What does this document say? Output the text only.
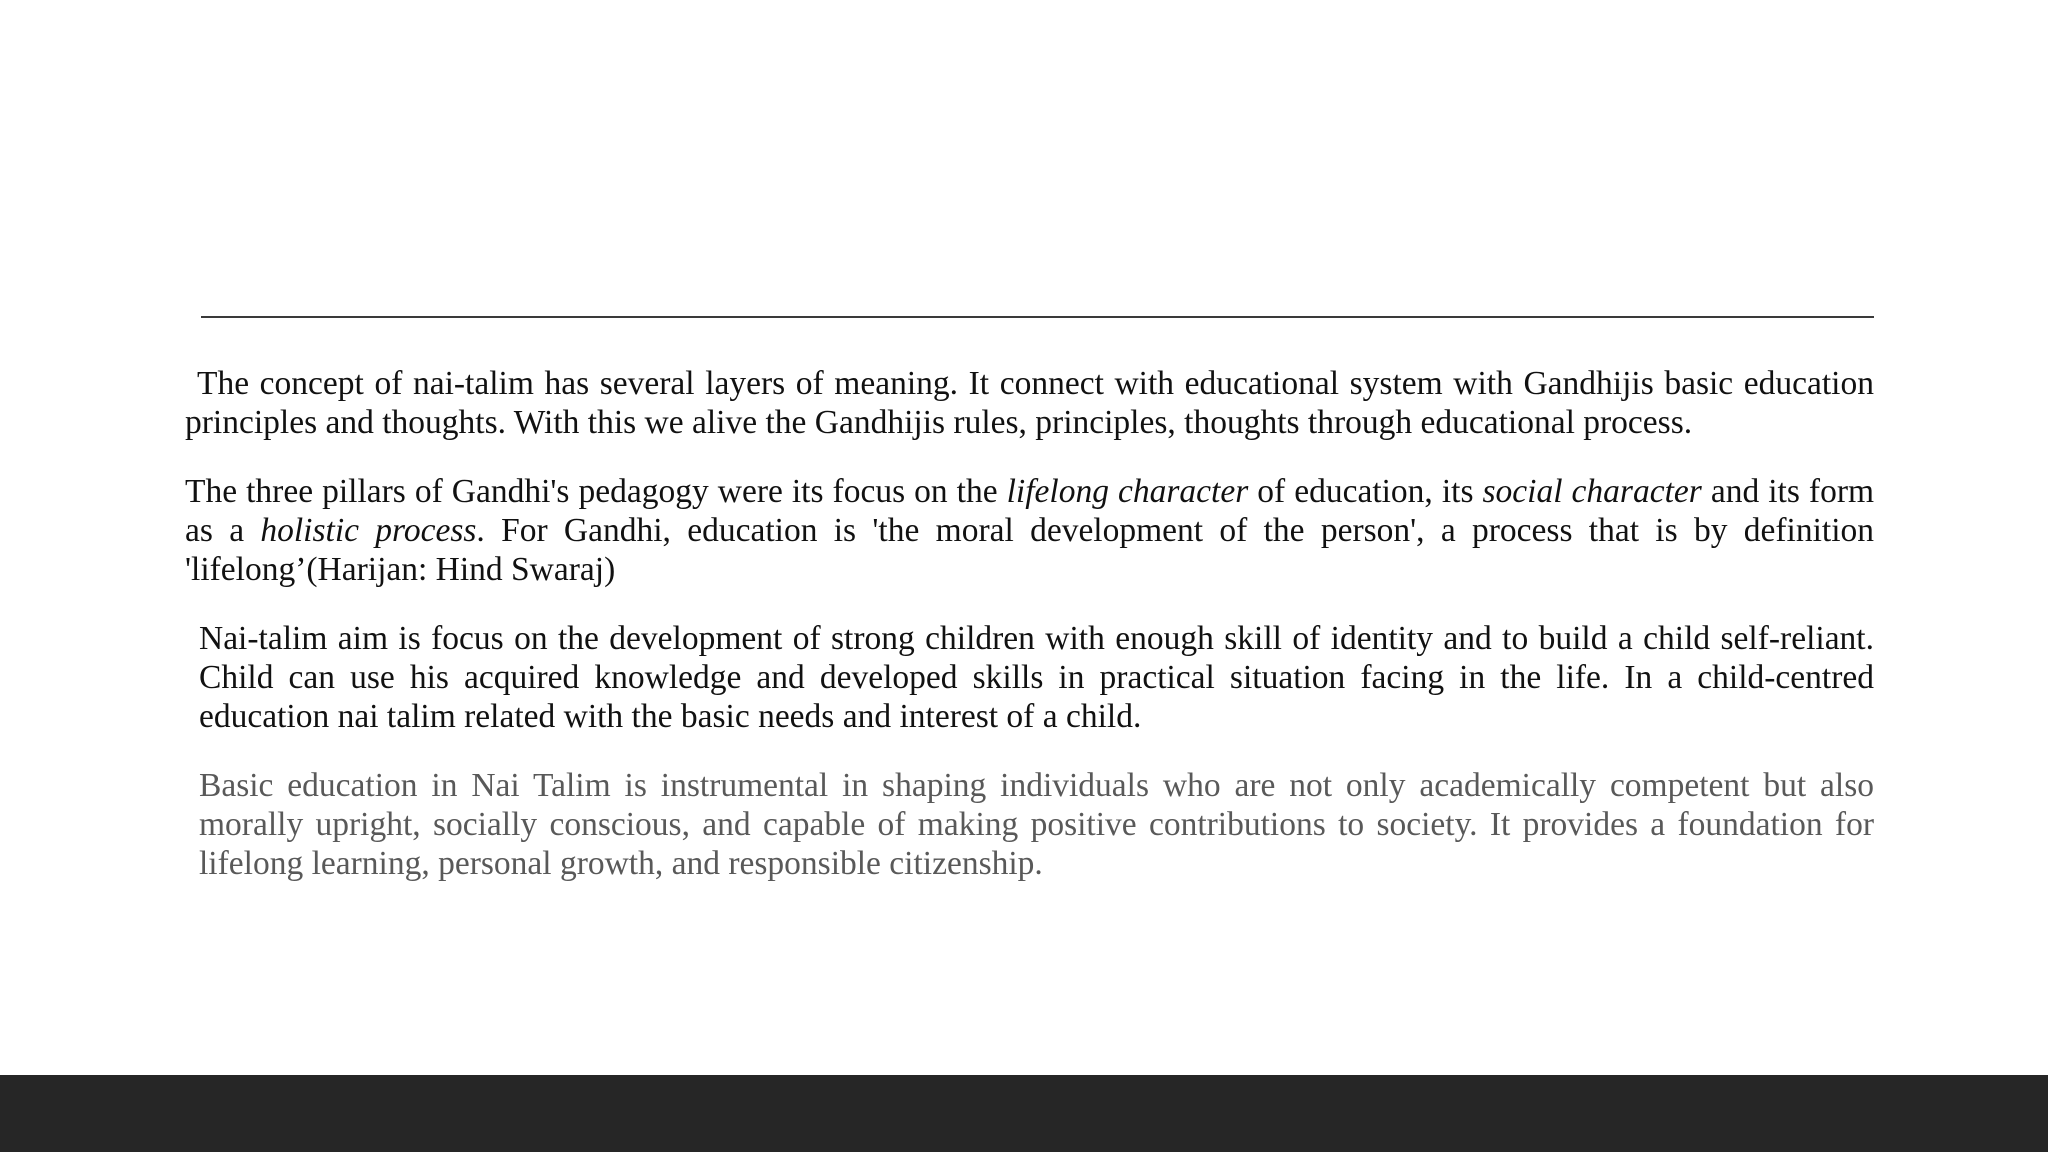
The concept of nai-talim has several layers of meaning. It connect with educational system with Gandhijis basic education principles and thoughts. With this we alive the Gandhijis rules, principles, thoughts through educational process.

The three pillars of Gandhi's pedagogy were its focus on the lifelong character of education, its social character and its form as a holistic process. For Gandhi, education is 'the moral development of the person', a process that is by definition 'lifelong’(Harijan: Hind Swaraj)

Nai-talim aim is focus on the development of strong children with enough skill of identity and to build a child self-reliant. Child can use his acquired knowledge and developed skills in practical situation facing in the life. In a child-centred education nai talim related with the basic needs and interest of a child.

Basic education in Nai Talim is instrumental in shaping individuals who are not only academically competent but also morally upright, socially conscious, and capable of making positive contributions to society. It provides a foundation for lifelong learning, personal growth, and responsible citizenship.
